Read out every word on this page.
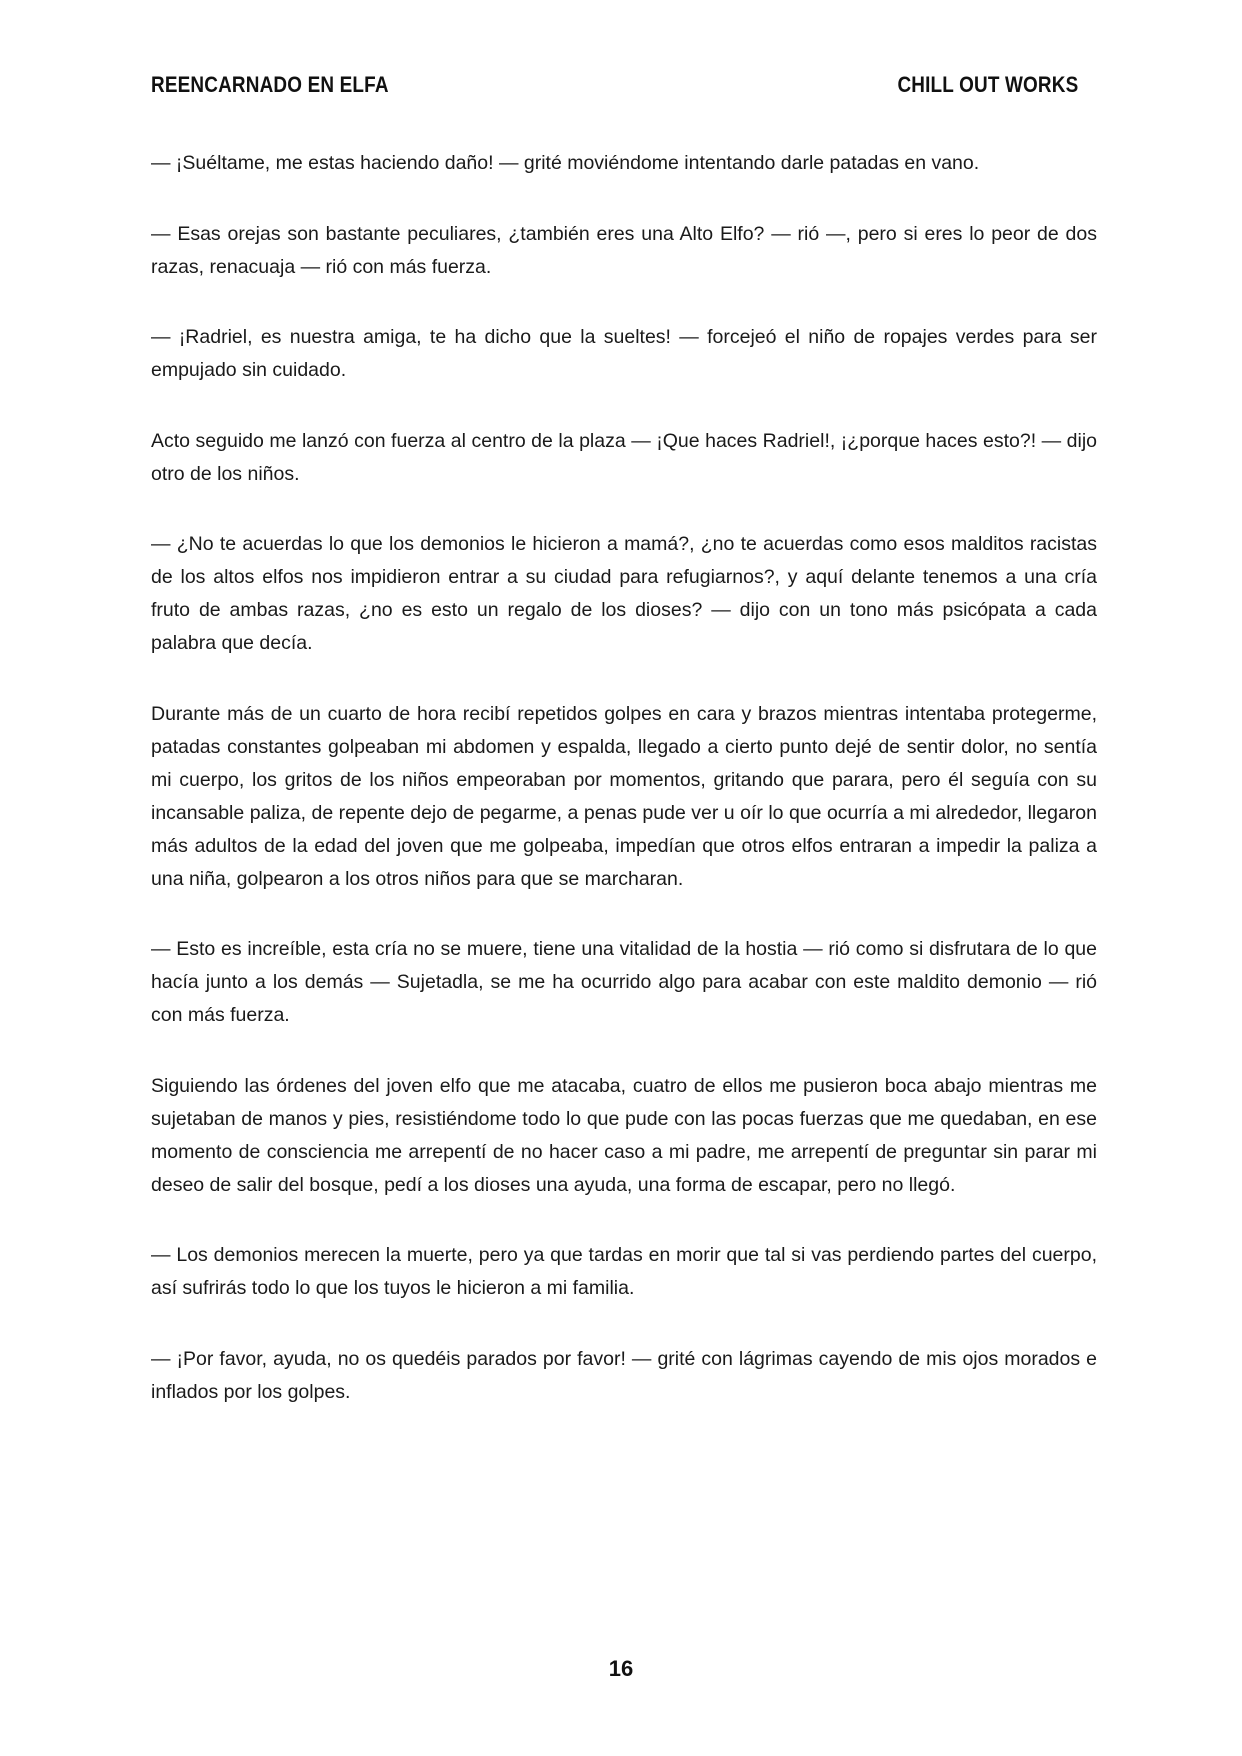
REENCARNADO EN ELFA	CHILL OUT WORKS

— ¡Suéltame, me estas haciendo daño! — grité moviéndome intentando darle patadas en vano.

— Esas orejas son bastante peculiares, ¿también eres una Alto Elfo? — rió —, pero si eres lo peor de dos razas, renacuaja — rió con más fuerza.

— ¡Radriel, es nuestra amiga, te ha dicho que la sueltes! — forcejeó el niño de ropajes verdes para ser empujado sin cuidado.

Acto seguido me lanzó con fuerza al centro de la plaza — ¡Que haces Radriel!, ¡¿porque haces esto?! — dijo otro de los niños.

— ¿No te acuerdas lo que los demonios le hicieron a mamá?, ¿no te acuerdas como esos malditos racistas de los altos elfos nos impidieron entrar a su ciudad para refugiarnos?, y aquí delante tenemos a una cría fruto de ambas razas, ¿no es esto un regalo de los dioses? — dijo con un tono más psicópata a cada palabra que decía.

Durante más de un cuarto de hora recibí repetidos golpes en cara y brazos mientras intentaba protegerme, patadas constantes golpeaban mi abdomen y espalda, llegado a cierto punto dejé de sentir dolor, no sentía mi cuerpo, los gritos de los niños empeoraban por momentos, gritando que parara, pero él seguía con su incansable paliza, de repente dejo de pegarme, a penas pude ver u oír lo que ocurría a mi alrededor, llegaron más adultos de la edad del joven que me golpeaba, impedían que otros elfos entraran a impedir la paliza a una niña, golpearon a los otros niños para que se marcharan.

— Esto es increíble, esta cría no se muere, tiene una vitalidad de la hostia — rió como si disfrutara de lo que hacía junto a los demás — Sujetadla, se me ha ocurrido algo para acabar con este maldito demonio — rió con más fuerza.

Siguiendo las órdenes del joven elfo que me atacaba, cuatro de ellos me pusieron boca abajo mientras me sujetaban de manos y pies, resistiéndome todo lo que pude con las pocas fuerzas que me quedaban, en ese momento de consciencia me arrepentí de no hacer caso a mi padre, me arrepentí de preguntar sin parar mi deseo de salir del bosque, pedí a los dioses una ayuda, una forma de escapar, pero no llegó.

— Los demonios merecen la muerte, pero ya que tardas en morir que tal si vas perdiendo partes del cuerpo, así sufrirás todo lo que los tuyos le hicieron a mi familia.

— ¡Por favor, ayuda, no os quedéis parados por favor! — grité con lágrimas cayendo de mis ojos morados e inflados por los golpes.

16
